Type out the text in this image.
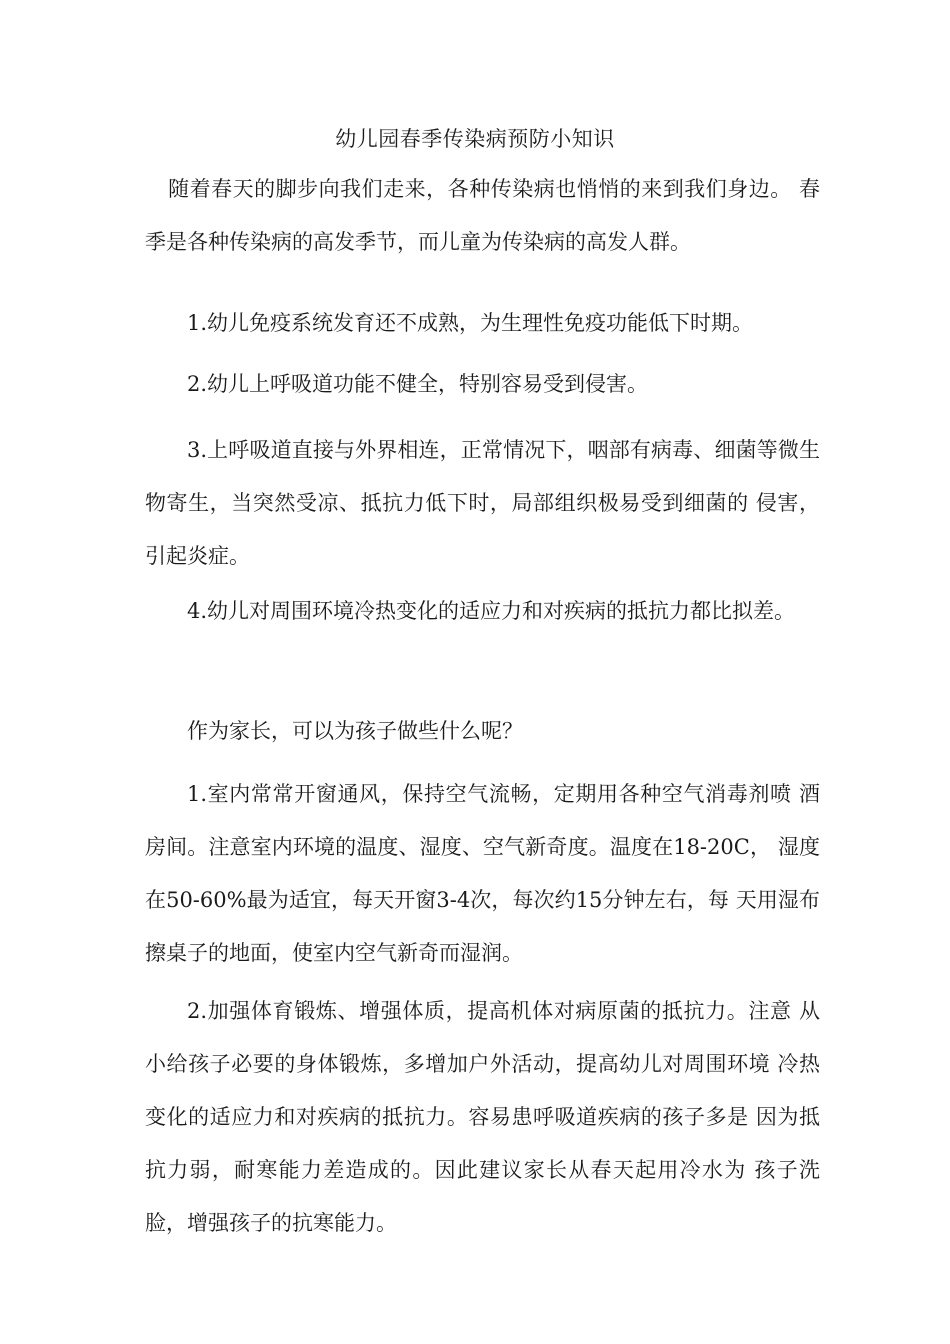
幼儿园春季传染病预防小知识

随着春天的脚步向我们走来，各种传染病也悄悄的来到我们身边。 春季是各种传染病的高发季节，而儿童为传染病的高发人群。

1.幼儿免疫系统发育还不成熟，为生理性免疫功能低下时期。

2.幼儿上呼吸道功能不健全，特别容易受到侵害。

3.上呼吸道直接与外界相连，正常情况下，咽部有病毒、细菌等微生物寄生，当突然受凉、抵抗力低下时，局部组织极易受到细菌的 侵害，引起炎症。

4.幼儿对周围环境冷热变化的适应力和对疾病的抵抗力都比拟差。

作为家长，可以为孩子做些什么呢？

1.室内常常开窗通风，保持空气流畅，定期用各种空气消毒剂喷 酒房间。注意室内环境的温度、湿度、空气新奇度。温度在18-20C， 湿度在50-60%最为适宜，每天开窗3-4次，每次约15分钟左右，每 天用湿布擦桌子的地面，使室内空气新奇而湿润。

2.加强体育锻炼、增强体质，提高机体对病原菌的抵抗力。注意 从小给孩子必要的身体锻炼，多增加户外活动，提高幼儿对周围环境 冷热变化的适应力和对疾病的抵抗力。容易患呼吸道疾病的孩子多是 因为抵抗力弱，耐寒能力差造成的。因此建议家长从春天起用冷水为 孩子洗脸，增强孩子的抗寒能力。
